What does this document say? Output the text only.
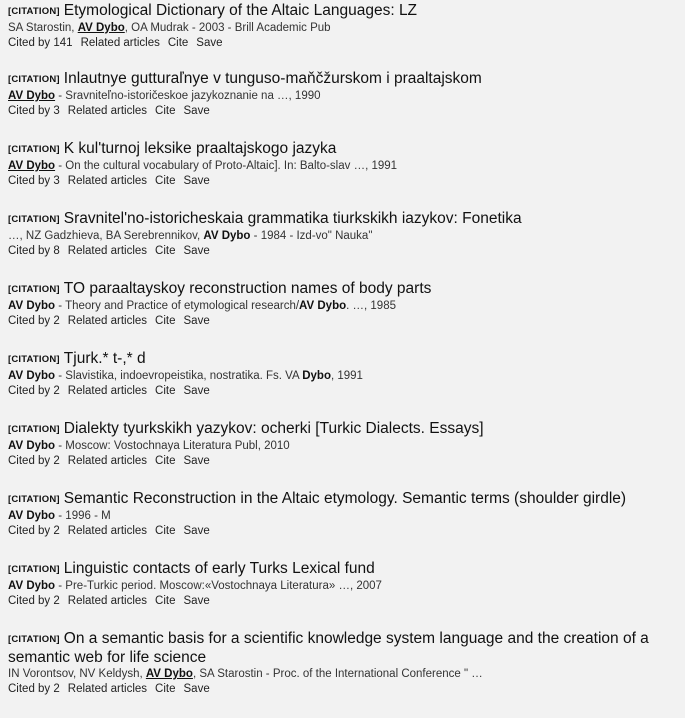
[CITATION] Etymological Dictionary of the Altaic Languages: LZ
SA Starostin, AV Dybo, OA Mudrak - 2003 - Brill Academic Pub
Cited by 141 Related articles Cite Save
[CITATION] Inlautnye gutturaľnye v tunguso-maňčžurskom i praaltajskom
AV Dybo - Sravniteľno-istoričeskoe jazykoznanie na …, 1990
Cited by 3 Related articles Cite Save
[CITATION] K kul'turnoj leksike praaltajskogo jazyka
AV Dybo - On the cultural vocabulary of Proto-Altaic]. In: Balto-slav …, 1991
Cited by 3 Related articles Cite Save
[CITATION] Sravnitel'no-istoricheskaia grammatika tiurkskikh iazykov: Fonetika
…, NZ Gadzhieva, BA Serebrennikov, AV Dybo - 1984 - Izd-vo" Nauka"
Cited by 8 Related articles Cite Save
[CITATION] TO paraaltayskoy reconstruction names of body parts
AV Dybo - Theory and Practice of etymological research/AV Dybo. …, 1985
Cited by 2 Related articles Cite Save
[CITATION] Tjurk.* t-,* d
AV Dybo - Slavistika, indoevropeistika, nostratika. Fs. VA Dybo, 1991
Cited by 2 Related articles Cite Save
[CITATION] Dialekty tyurkskikh yazykov: ocherki [Turkic Dialects. Essays]
AV Dybo - Moscow: Vostochnaya Literatura Publ, 2010
Cited by 2 Related articles Cite Save
[CITATION] Semantic Reconstruction in the Altaic etymology. Semantic terms (shoulder girdle)
AV Dybo - 1996 - M
Cited by 2 Related articles Cite Save
[CITATION] Linguistic contacts of early Turks Lexical fund
AV Dybo - Pre-Turkic period. Moscow:«Vostochnaya Literatura» …, 2007
Cited by 2 Related articles Cite Save
[CITATION] On a semantic basis for a scientific knowledge system language and the creation of a semantic web for life science
IN Vorontsov, NV Keldysh, AV Dybo, SA Starostin - Proc. of the International Conference " …
Cited by 2 Related articles Cite Save
